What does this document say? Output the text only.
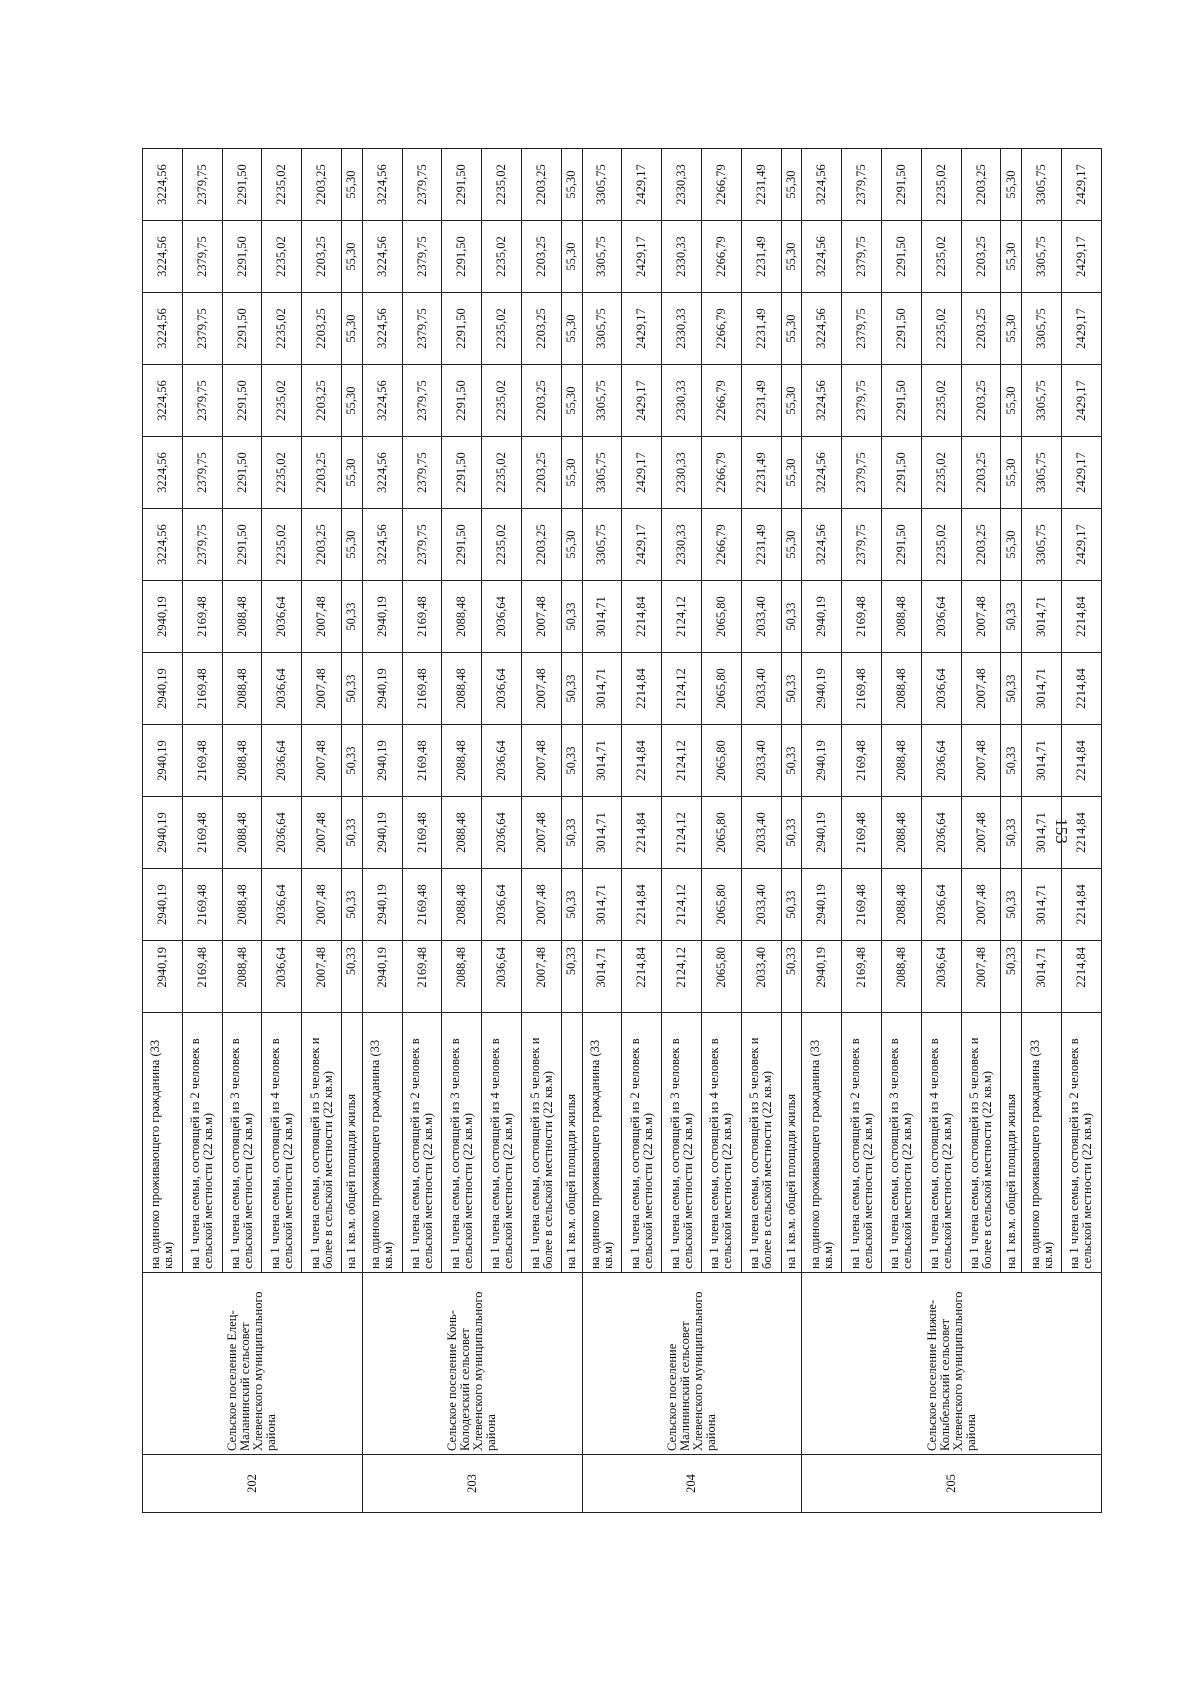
153
202	Сельское поселение Елец-Маланинский сельсовет Хлевенского муниципального района	на одиноко проживающего гражданина (33 кв.м)	2940,19	2940,19	2940,19	2940,19	2940,19	2940,19	3224,56	3224,56	3224,56	3224,56	3224,56	3224,56
		на 1 члена семьи, состоящей из 2 человек в сельской местности (22 кв.м)	2169,48	2169,48	2169,48	2169,48	2169,48	2169,48	2379,75	2379,75	2379,75	2379,75	2379,75	2379,75
		на 1 члена семьи, состоящей из 3 человек в сельской местности (22 кв.м)	2088,48	2088,48	2088,48	2088,48	2088,48	2088,48	2291,50	2291,50	2291,50	2291,50	2291,50	2291,50
		на 1 члена семьи, состоящей из 4 человек в сельской местности (22 кв.м)	2036,64	2036,64	2036,64	2036,64	2036,64	2036,64	2235,02	2235,02	2235,02	2235,02	2235,02	2235,02
		на 1 члена семьи, состоящей из 5 человек и более в сельской местности (22 кв.м)	2007,48	2007,48	2007,48	2007,48	2007,48	2007,48	2203,25	2203,25	2203,25	2203,25	2203,25	2203,25
		на 1 кв.м. общей площади жилья	50,33	50,33	50,33	50,33	50,33	50,33	55,30	55,30	55,30	55,30	55,30	55,30
203	Сельское поселение Конь-Колодезский сельсовет Хлевенского муниципального района	на одиноко проживающего гражданина (33 кв.м)	2940,19	2940,19	2940,19	2940,19	2940,19	2940,19	3224,56	3224,56	3224,56	3224,56	3224,56	3224,56
		на 1 члена семьи, состоящей из 2 человек в сельской местности (22 кв.м)	2169,48	2169,48	2169,48	2169,48	2169,48	2169,48	2379,75	2379,75	2379,75	2379,75	2379,75	2379,75
		на 1 члена семьи, состоящей из 3 человек в сельской местности (22 кв.м)	2088,48	2088,48	2088,48	2088,48	2088,48	2088,48	2291,50	2291,50	2291,50	2291,50	2291,50	2291,50
		на 1 члена семьи, состоящей из 4 человек в сельской местности (22 кв.м)	2036,64	2036,64	2036,64	2036,64	2036,64	2036,64	2235,02	2235,02	2235,02	2235,02	2235,02	2235,02
		на 1 члена семьи, состоящей из 5 человек и более в сельской местности (22 кв.м)	2007,48	2007,48	2007,48	2007,48	2007,48	2007,48	2203,25	2203,25	2203,25	2203,25	2203,25	2203,25
		на 1 кв.м. общей площади жилья	50,33	50,33	50,33	50,33	50,33	50,33	55,30	55,30	55,30	55,30	55,30	55,30
204	Сельское поселение Малининский сельсовет Хлевенского муниципального района	на одиноко проживающего гражданина (33 кв.м)	3014,71	3014,71	3014,71	3014,71	3014,71	3014,71	3305,75	3305,75	3305,75	3305,75	3305,75	3305,75
		на 1 члена семьи, состоящей из 2 человек в сельской местности (22 кв.м)	2214,84	2214,84	2214,84	2214,84	2214,84	2214,84	2429,17	2429,17	2429,17	2429,17	2429,17	2429,17
		на 1 члена семьи, состоящей из 3 человек в сельской местности (22 кв.м)	2124,12	2124,12	2124,12	2124,12	2124,12	2124,12	2330,33	2330,33	2330,33	2330,33	2330,33	2330,33
		на 1 члена семьи, состоящей из 4 человек в сельской местности (22 кв.м)	2065,80	2065,80	2065,80	2065,80	2065,80	2065,80	2266,79	2266,79	2266,79	2266,79	2266,79	2266,79
		на 1 члена семьи, состоящей из 5 человек и более в сельской местности (22 кв.м)	2033,40	2033,40	2033,40	2033,40	2033,40	2033,40	2231,49	2231,49	2231,49	2231,49	2231,49	2231,49
		на 1 кв.м. общей площади жилья	50,33	50,33	50,33	50,33	50,33	50,33	55,30	55,30	55,30	55,30	55,30	55,30
205	Сельское поселение Нижне-Колыбельский сельсовет Хлевенского муниципального района	на одиноко проживающего гражданина (33 кв.м)	2940,19	2940,19	2940,19	2940,19	2940,19	2940,19	3224,56	3224,56	3224,56	3224,56	3224,56	3224,56
		на 1 члена семьи, состоящей из 2 человек в сельской местности (22 кв.м)	2169,48	2169,48	2169,48	2169,48	2169,48	2169,48	2379,75	2379,75	2379,75	2379,75	2379,75	2379,75
		на 1 члена семьи, состоящей из 3 человек в сельской местности (22 кв.м)	2088,48	2088,48	2088,48	2088,48	2088,48	2088,48	2291,50	2291,50	2291,50	2291,50	2291,50	2291,50
		на 1 члена семьи, состоящей из 4 человек в сельской местности (22 кв.м)	2036,64	2036,64	2036,64	2036,64	2036,64	2036,64	2235,02	2235,02	2235,02	2235,02	2235,02	2235,02
		на 1 члена семьи, состоящей из 5 человек и более в сельской местности (22 кв.м)	2007,48	2007,48	2007,48	2007,48	2007,48	2007,48	2203,25	2203,25	2203,25	2203,25	2203,25	2203,25
		на 1 кв.м. общей площади жилья	50,33	50,33	50,33	50,33	50,33	50,33	55,30	55,30	55,30	55,30	55,30	55,30
		на одиноко проживающего гражданина (33 кв.м)	3014,71	3014,71	3014,71	3014,71	3014,71	3014,71	3305,75	3305,75	3305,75	3305,75	3305,75	3305,75
		на 1 члена семьи, состоящей из 2 человек в сельской местности (22 кв.м)	2214,84	2214,84	2214,84	2214,84	2214,84	2214,84	2429,17	2429,17	2429,17	2429,17	2429,17	2429,17
